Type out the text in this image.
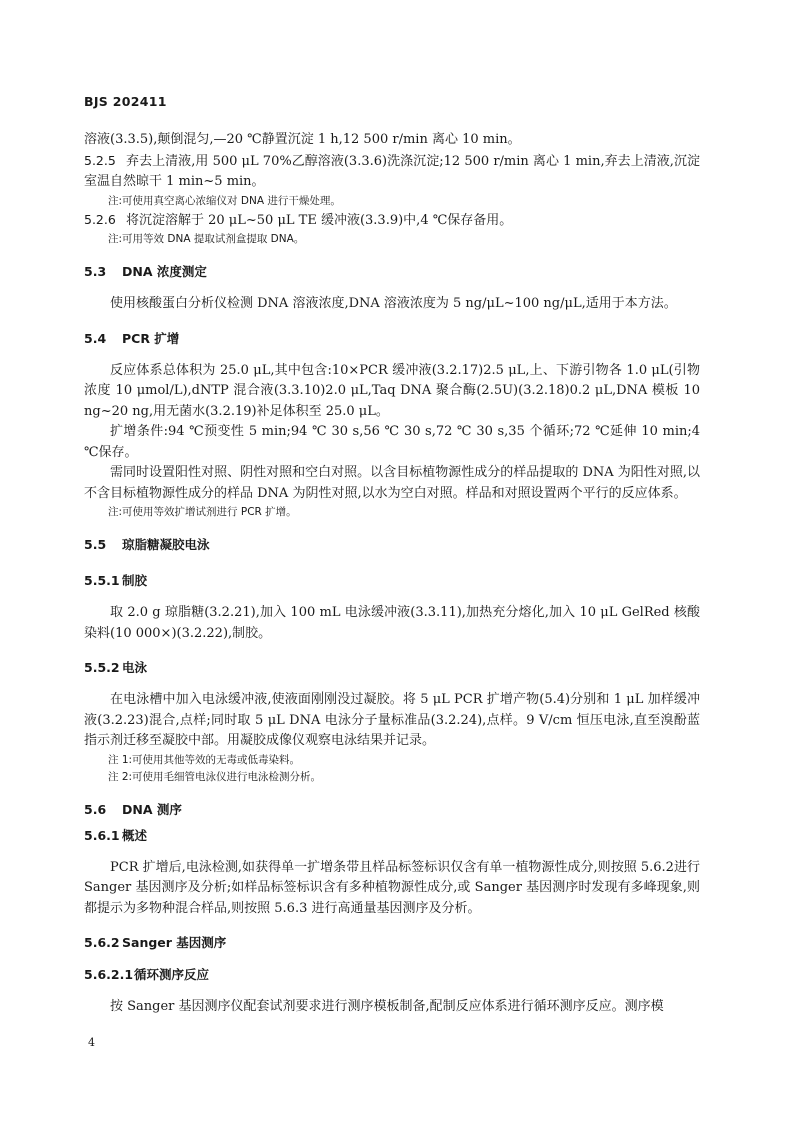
BJS 202411

溶液(3.3.5),颠倒混匀,—20 ℃静置沉淀 1 h,12 500 r/min 离心 10 min。

5.2.5 弃去上清液,用 500 μL 70%乙醇溶液(3.3.6)洗涤沉淀;12 500 r/min 离心 1 min,弃去上清液,沉淀室温自然晾干 1 min~5 min。

注:可使用真空离心浓缩仪对 DNA 进行干燥处理。

5.2.6 将沉淀溶解于 20 μL~50 μL TE 缓冲液(3.3.9)中,4 ℃保存备用。

注:可用等效 DNA 提取试剂盒提取 DNA。

5.3 DNA 浓度测定

使用核酸蛋白分析仪检测 DNA 溶液浓度,DNA 溶液浓度为 5 ng/μL~100 ng/μL,适用于本方法。

5.4 PCR 扩增

反应体系总体积为 25.0 μL,其中包含:10×PCR 缓冲液(3.2.17)2.5 μL,上、下游引物各 1.0 μL(引物浓度 10 μmol/L),dNTP 混合液(3.3.10)2.0 μL,Taq DNA 聚合酶(2.5U)(3.2.18)0.2 μL,DNA 模板 10 ng~20 ng,用无菌水(3.2.19)补足体积至 25.0 μL。

扩增条件:94 ℃预变性 5 min;94 ℃ 30 s,56 ℃ 30 s,72 ℃ 30 s,35 个循环;72 ℃延伸 10 min;4 ℃保存。

需同时设置阳性对照、阴性对照和空白对照。以含目标植物源性成分的样品提取的 DNA 为阳性对照,以不含目标植物源性成分的样品 DNA 为阴性对照,以水为空白对照。样品和对照设置两个平行的反应体系。

注:可使用等效扩增试剂进行 PCR 扩增。

5.5 琼脂糖凝胶电泳

5.5.1 制胶

取 2.0 g 琼脂糖(3.2.21),加入 100 mL 电泳缓冲液(3.3.11),加热充分熔化,加入 10 μL GelRed 核酸染料(10 000×)(3.2.22),制胶。

5.5.2 电泳

在电泳槽中加入电泳缓冲液,使液面刚刚没过凝胶。将 5 μL PCR 扩增产物(5.4)分别和 1 μL 加样缓冲液(3.2.23)混合,点样;同时取 5 μL DNA 电泳分子量标准品(3.2.24),点样。9 V/cm 恒压电泳,直至溴酚蓝指示剂迁移至凝胶中部。用凝胶成像仪观察电泳结果并记录。

注 1:可使用其他等效的无毒或低毒染料。

注 2:可使用毛细管电泳仪进行电泳检测分析。

5.6 DNA 测序

5.6.1 概述

PCR 扩增后,电泳检测,如获得单一扩增条带且样品标签标识仅含有单一植物源性成分,则按照 5.6.2进行 Sanger 基因测序及分析;如样品标签标识含有多种植物源性成分,或 Sanger 基因测序时发现有多峰现象,则都提示为多物种混合样品,则按照 5.6.3 进行高通量基因测序及分析。

5.6.2 Sanger 基因测序

5.6.2.1循环测序反应

按 Sanger 基因测序仪配套试剂要求进行测序模板制备,配制反应体系进行循环测序反应。测序模

4
